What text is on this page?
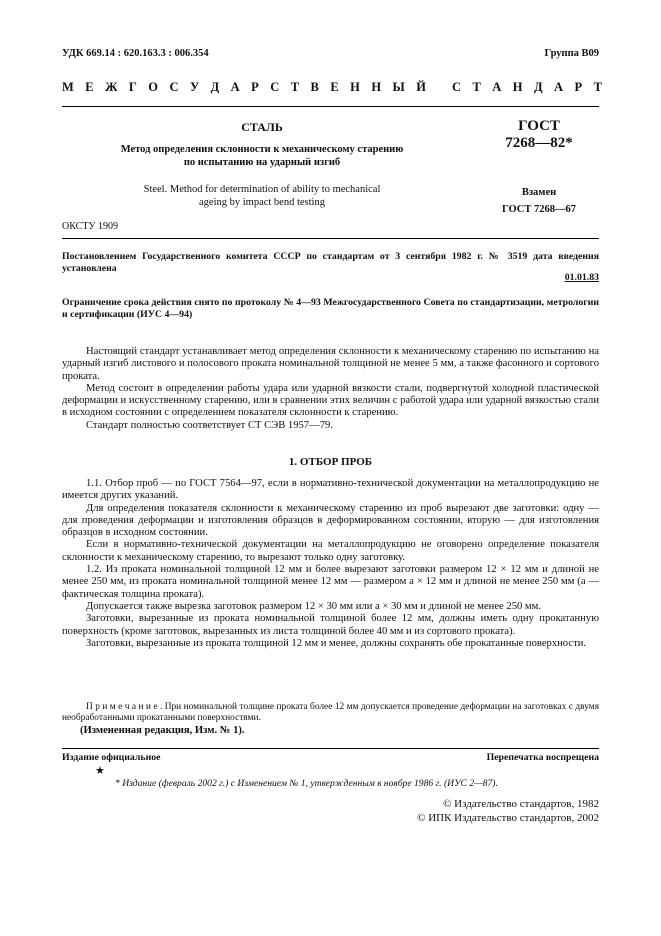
УДК 669.14 : 620.163.3 : 006.354	Группа В09
М Е Ж Г О С У Д А Р С Т В Е Н Н Ы Й
С Т А Н Д А Р Т
СТАЛЬ
Метод определения склонности к механическому старению
по испытанию на ударный изгиб
Steel. Method for determination of ability to mechanical
ageing by impact bend testing
ГОСТ
7268—82*
Взамен
ГОСТ 7268—67
ОКСТУ 1909
Постановлением Государственного комитета СССР по стандартам от 3 сентября 1982 г. № 3519 дата введения установлена
01.01.83
Ограничение срока действия снято по протоколу № 4—93 Межгосударственного Совета по стандартизации, метрологии и сертификации (ИУС 4—94)

Настоящий стандарт устанавливает метод определения склонности к механическому старению по испытанию на ударный изгиб листового и полосового проката номинальной толщиной не менее 5 мм, а также фасонного и сортового проката.

Метод состоит в определении работы удара или ударной вязкости стали, подвергнутой холодной пластической деформации и искусственному старению, или в сравнении этих величин с работой удара или ударной вязкостью стали в исходном состоянии с определением показателя склонности к старению.

Стандарт полностью соответствует СТ СЭВ 1957—79.

1. ОТБОР ПРОБ

1.1. Отбор проб — по ГОСТ 7564—97, если в нормативно-технической документации на металлопродукцию не имеется других указаний.

Для определения показателя склонности к механическому старению из проб вырезают две заготовки: одну — для проведения деформации и изготовления образцов в деформированном состоянии, вторую — для изготовления образцов в исходном состоянии.

Если в нормативно-технической документации на металлопродукцию не оговорено определение показателя склонности к механическому старению, то вырезают только одну заготовку.

1.2. Из проката номинальной толщиной 12 мм и более вырезают заготовки размером 12 × 12 мм и длиной не менее 250 мм, из проката номинальной толщиной менее 12 мм — размером a × 12 мм и длиной не менее 250 мм (a — фактическая толщина проката).

Допускается также вырезка заготовок размером 12 × 30 мм или a × 30 мм и длиной не менее 250 мм.

Заготовки, вырезанные из проката номинальной толщиной более 12 мм, должны иметь одну прокатанную поверхность (кроме заготовок, вырезанных из листа толщиной более 40 мм и из сортового проката).

Заготовки, вырезанные из проката толщиной 12 мм и менее, должны сохранять обе прокатанные поверхности.

П р и м е ч а н и е . При номинальной толщине проката более 12 мм допускается проведение деформации на заготовках с двумя необработанными прокатанными поверхностями.

(Измененная редакция, Изм. № 1).
Издание официальное	Перепечатка воспрещена
★
* Издание (февраль 2002 г.) с Изменением № 1, утвержденным в ноябре 1986 г. (ИУС 2—87).
© Издательство стандартов, 1982
© ИПК Издательство стандартов, 2002
